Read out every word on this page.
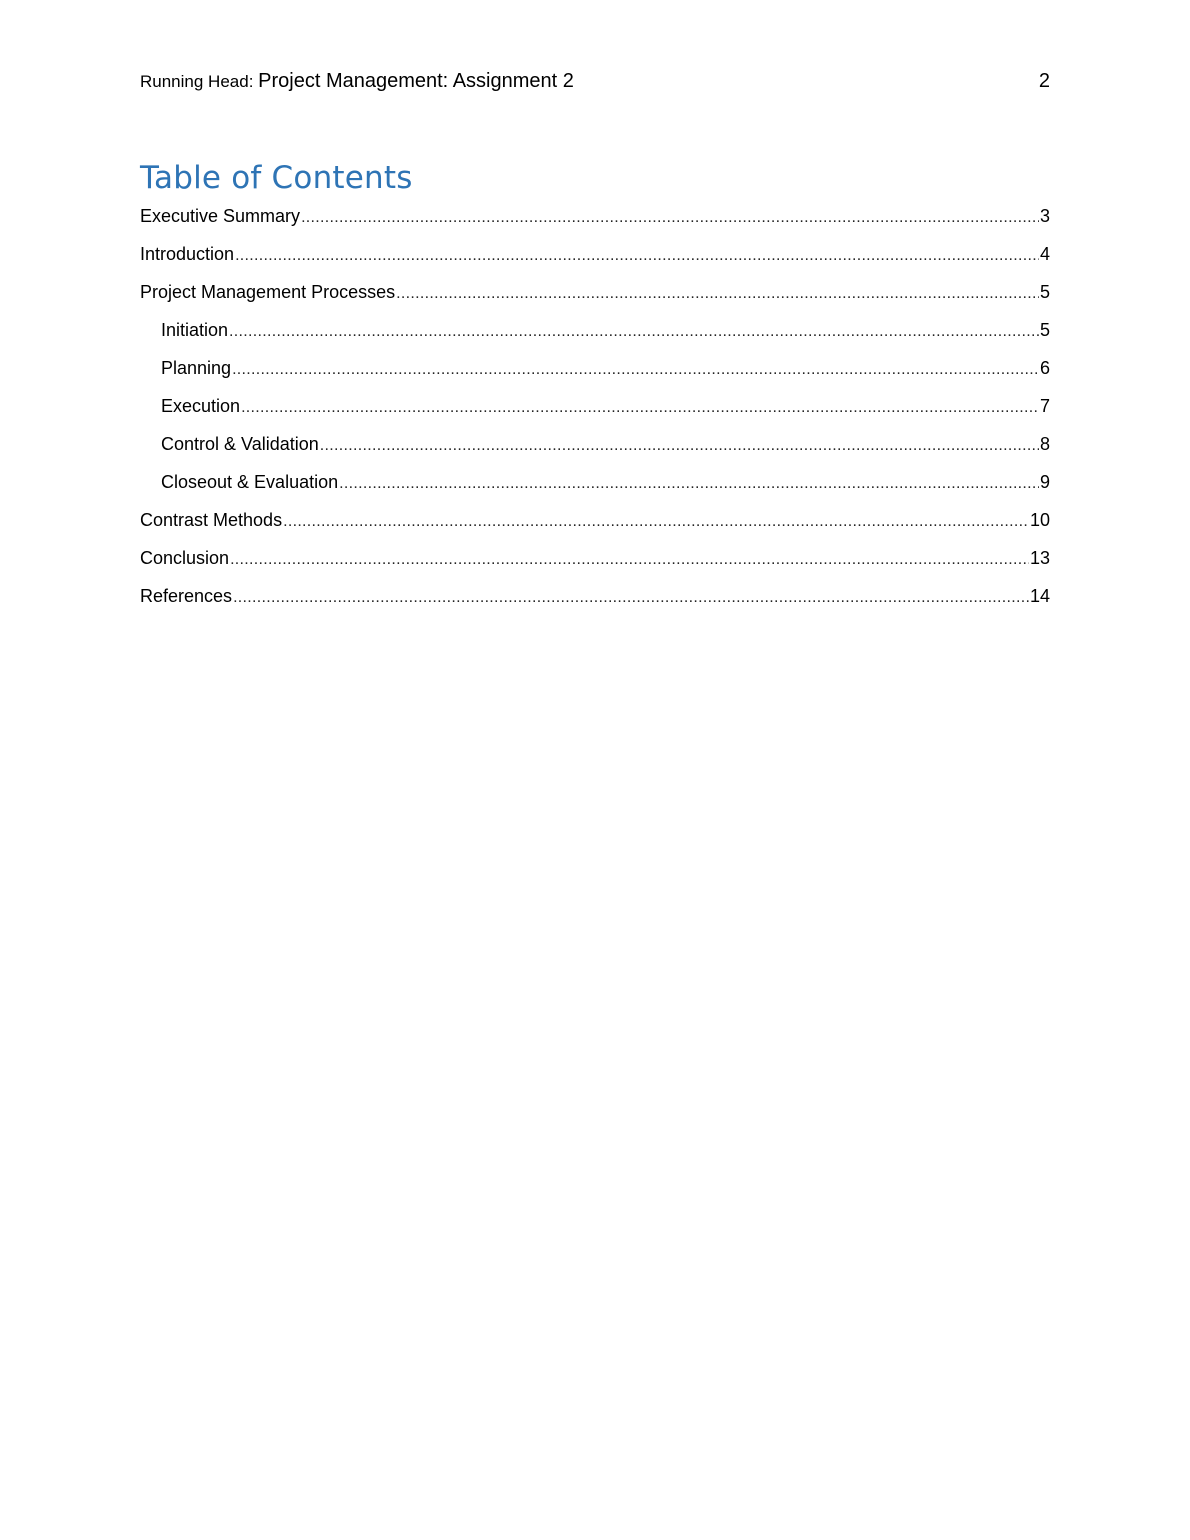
Running Head: Project Management: Assignment 2	2
Table of Contents
Executive Summary .....	3
Introduction .....	4
Project Management Processes .....	5
Initiation .....	5
Planning .....	6
Execution .....	7
Control & Validation .....	8
Closeout & Evaluation .....	9
Contrast Methods .....	10
Conclusion .....	13
References .....	14
